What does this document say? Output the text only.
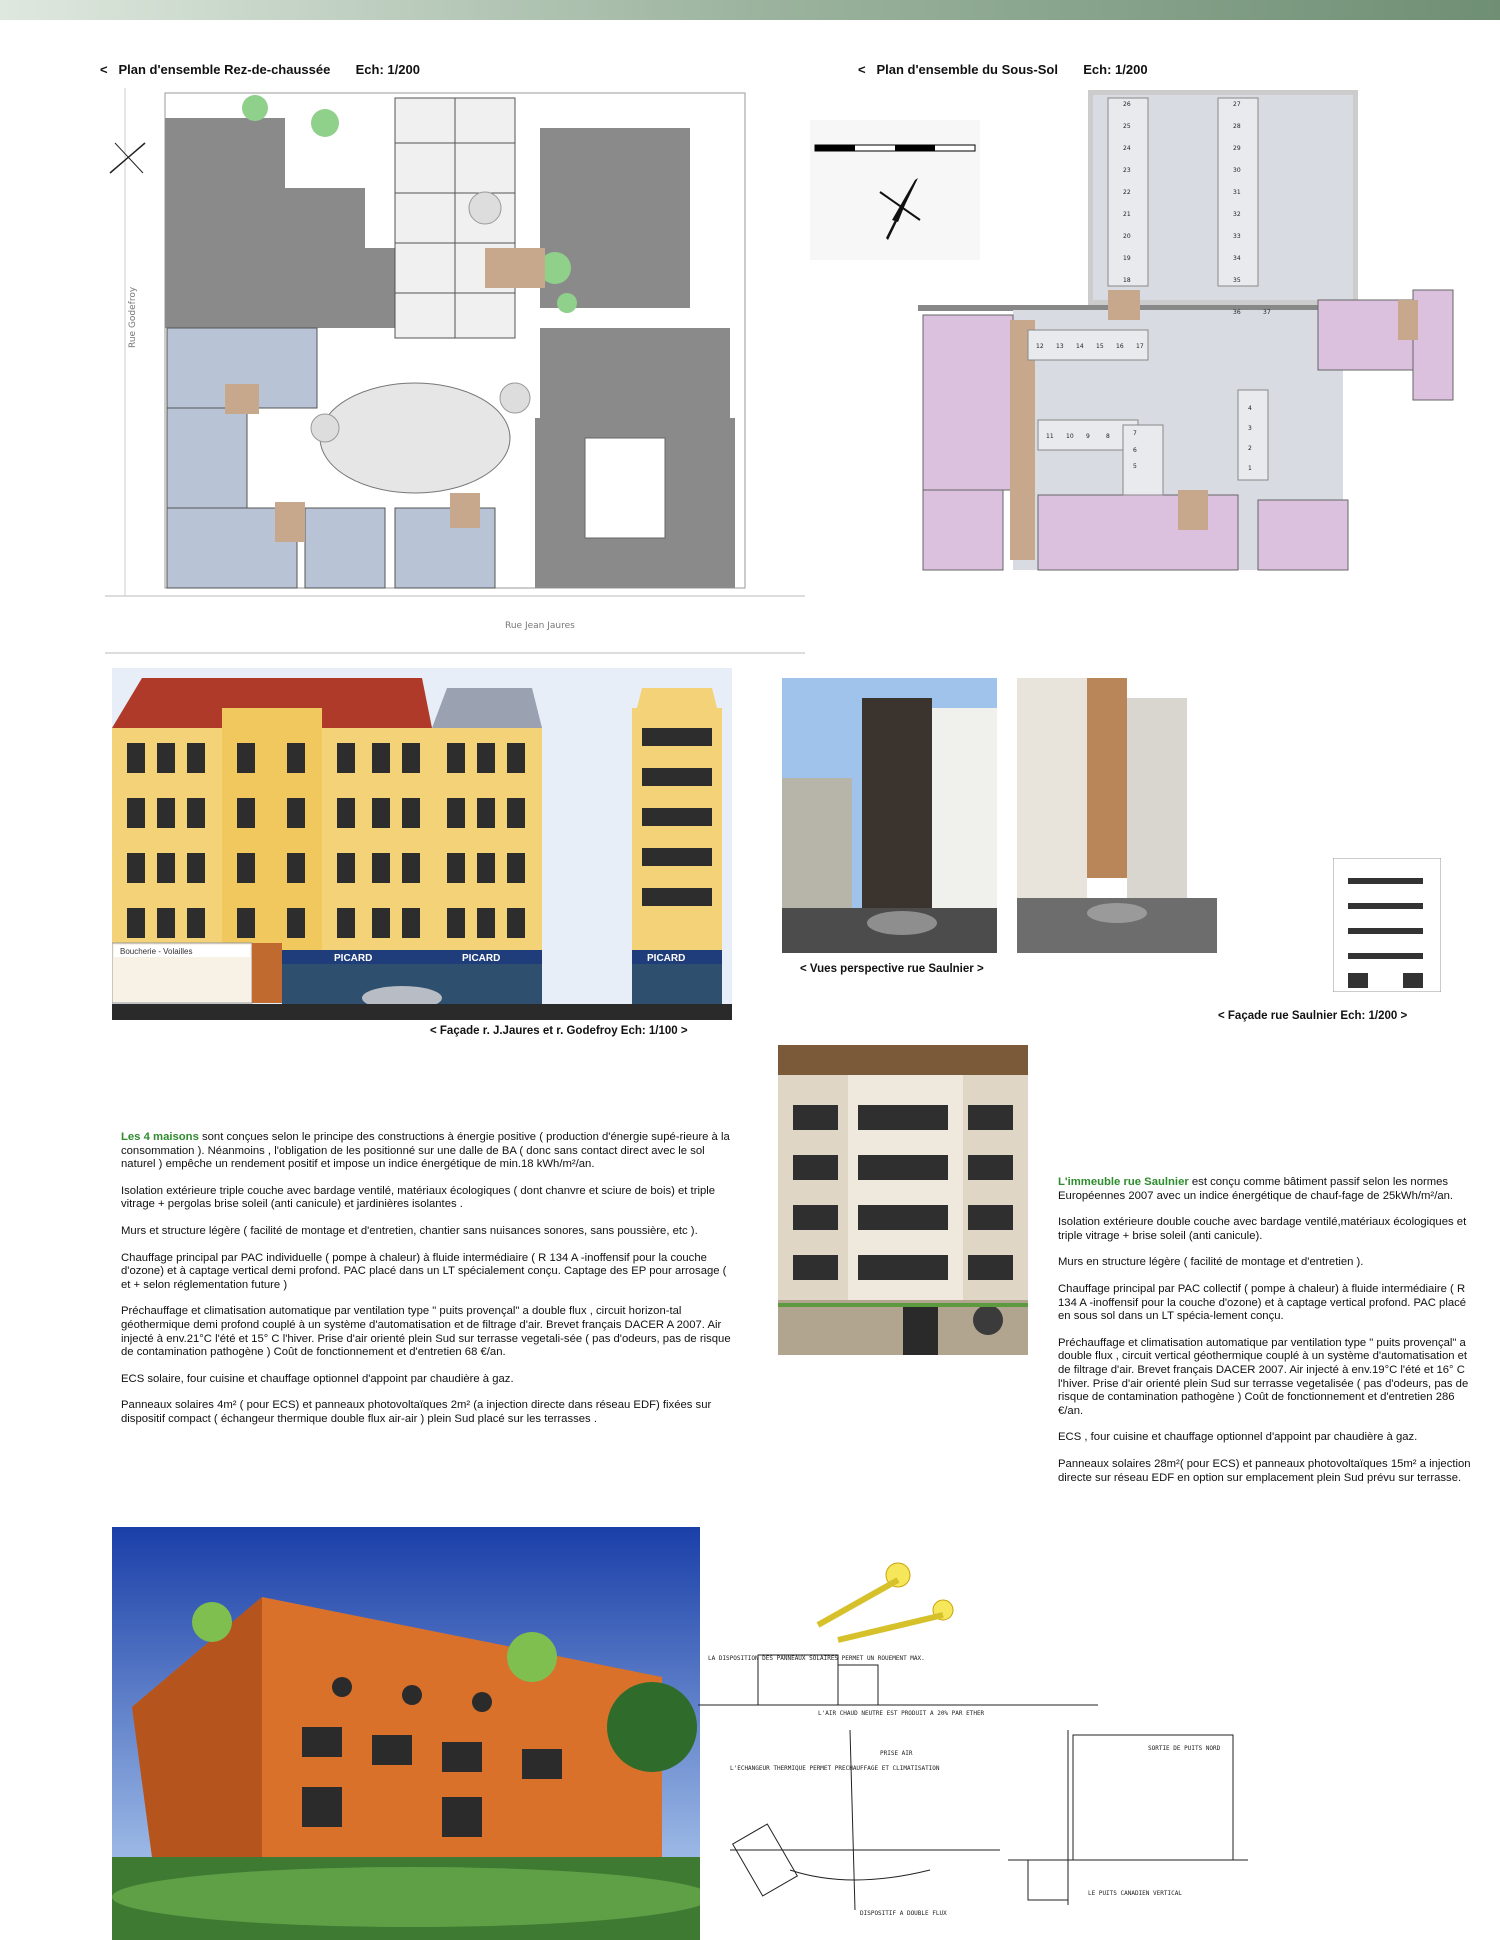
< Plan d'ensemble Rez-de-chaussée Ech: 1/200
Rue Jean Jaures
Rue Godefroy
< Plan d'ensemble du Sous-Sol Ech: 1/200
26
25
24
23
22
21
20
19
18
27
28
29
30
31
32
33
34
35
12 13 14 15 16 17
11 10 9	8	7
6
5
4
3
2
1
36	37
Boucherie - Volailles
PICARD	PICARD	PICARD
< Façade r. J.Jaures et r. Godefroy Ech: 1/100 >
< Vues perspective rue Saulnier >
< Façade rue Saulnier Ech: 1/200 >

Les 4 maisons sont conçues selon le principe des constructions à énergie positive ( production d'énergie supé-rieure à la consommation ). Néanmoins , l'obligation de les positionné sur une dalle de BA ( donc sans contact direct avec le sol naturel ) empêche un rendement positif et impose un indice énergétique de min.18 kWh/m²/an.

Isolation extérieure triple couche avec bardage ventilé, matériaux écologiques ( dont chanvre et sciure de bois) et triple vitrage + pergolas brise soleil (anti canicule) et jardinières isolantes .

Murs et structure légère ( facilité de montage et d'entretien, chantier sans nuisances sonores, sans poussière, etc ).

Chauffage principal par PAC individuelle ( pompe à chaleur) à fluide intermédiaire ( R 134 A -inoffensif pour la couche d'ozone) et à captage vertical demi profond. PAC placé dans un LT spécialement conçu. Captage des EP pour arrosage ( et + selon réglementation future )

Préchauffage et climatisation automatique par ventilation type " puits provençal" a double flux , circuit horizon-tal géothermique demi profond couplé à un système d'automatisation et de filtrage d'air. Brevet français DACER A 2007. Air injecté à env.21°C l'été et 15° C l'hiver. Prise d'air orienté plein Sud sur terrasse vegetali-sée ( pas d'odeurs, pas de risque de contamination pathogène ) Coût de fonctionnement et d'entretien 68 €/an.

ECS solaire, four cuisine et chauffage optionnel d'appoint par chaudière à gaz.

Panneaux solaires 4m² ( pour ECS) et panneaux photovoltaïques 2m² (a injection directe dans réseau EDF) fixées sur dispositif compact ( échangeur thermique double flux air-air ) plein Sud placé sur les terrasses .

L'immeuble rue Saulnier est conçu comme bâtiment passif selon les normes Européennes 2007 avec un indice énergétique de chauf-fage de 25kWh/m²/an.

Isolation extérieure double couche avec bardage ventilé,matériaux écologiques et triple vitrage + brise soleil (anti canicule).

Murs en structure légère ( facilité de montage et d'entretien ).

Chauffage principal par PAC collectif ( pompe à chaleur) à fluide intermédiaire ( R 134 A -inoffensif pour la couche d'ozone) et à captage vertical profond. PAC placé en sous sol dans un LT spécia-lement conçu.

Préchauffage et climatisation automatique par ventilation type " puits provençal" a double flux , circuit vertical géothermique couplé à un système d'automatisation et de filtrage d'air. Brevet français DACER 2007. Air injecté à env.19°C l'été et 16° C l'hiver. Prise d'air orienté plein Sud sur terrasse vegetalisée ( pas d'odeurs, pas de risque de contamination pathogène ) Coût de fonctionnement et d'entretien 286 €/an.

ECS , four cuisine et chauffage optionnel d'appoint par chaudière à gaz.

Panneaux solaires 28m²( pour ECS) et panneaux photovoltaïques 15m² a injection directe sur réseau EDF en option sur emplacement plein Sud prévu sur terrasse.

LA DISPOSITION DES PANNEAUX SOLAIRES PERMET UN ROUEMENT MAX.
L'AIR CHAUD NEUTRE EST PRODUIT A 20% PAR ETHER
L'ECHANGEUR THERMIQUE PERMET PRECHAUFFAGE ET CLIMATISATION
PRISE AIR
DISPOSITIF A DOUBLE FLUX
SORTIE DE PUITS NORD
LE PUITS CANADIEN VERTICAL
